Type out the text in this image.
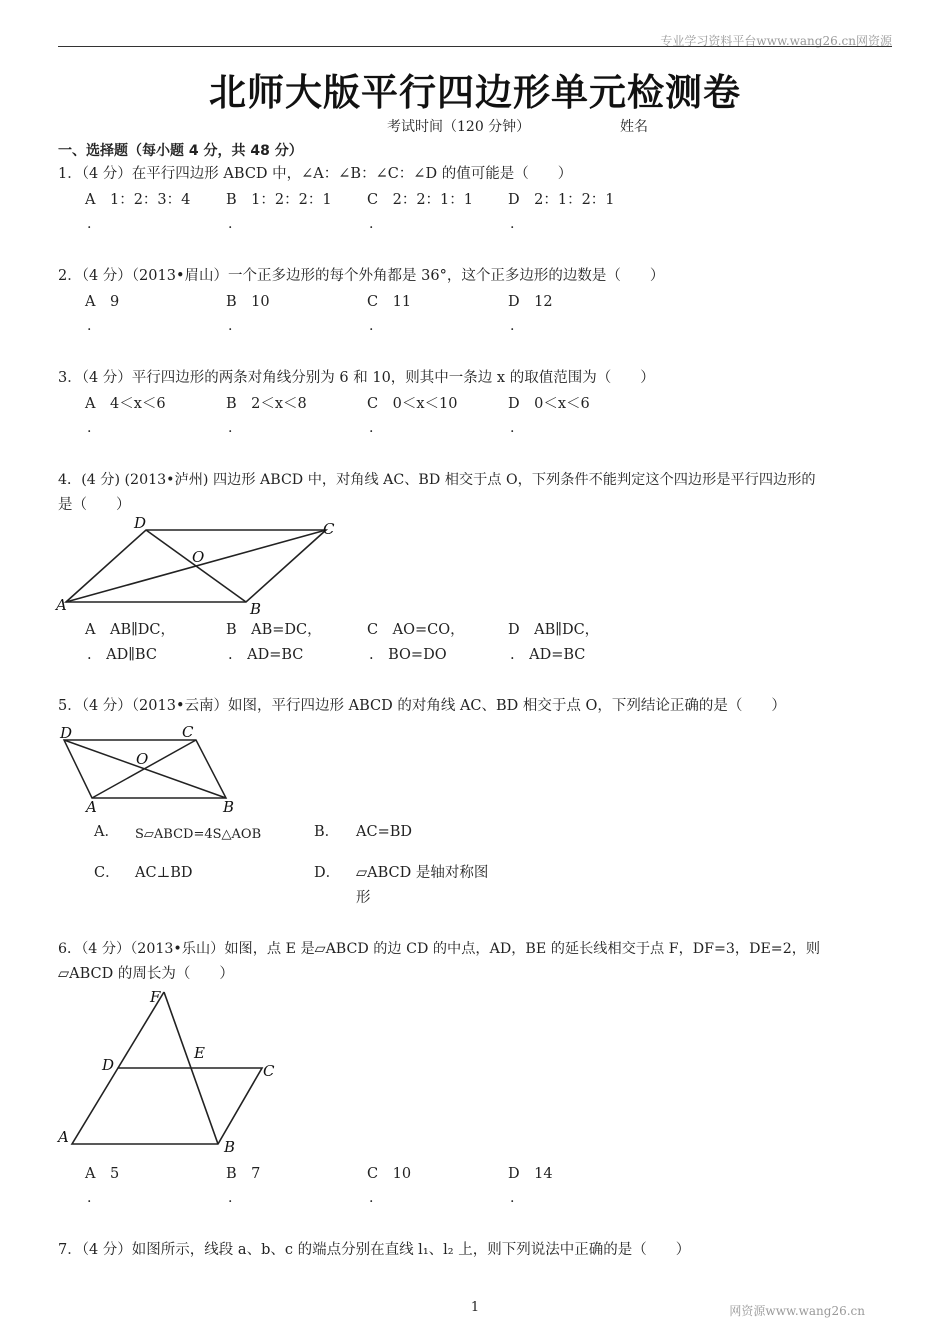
专业学习资料平台www.wang26.cn网资源
北师大版平行四边形单元检测卷
考试时间（120 分钟）	姓名
一、选择题（每小题 4 分，共 48 分）
1．（4 分）在平行四边形 ABCD 中，∠A：∠B：∠C：∠D 的值可能是（　　）
A　1：2：3：4 B　1：2：2：1 C　2：2：1：1 D　2：1：2：1
.	.	.	.
2．（4 分）（2013•眉山）一个正多边形的每个外角都是 36°，这个正多边形的边数是（　　）
A　9	B　10	C　11	D　12
.	.	.	.
3．（4 分）平行四边形的两条对角线分别为 6 和 10，则其中一条边 x 的取值范围为（　　）
A　4＜x＜6	B　2＜x＜8	C　0＜x＜10	D　0＜x＜6
.	.	.	.
4．(4 分) (2013•泸州) 四边形 ABCD 中，对角线 AC、BD 相交于点 O，下列条件不能判定这个四边形是平行四边形的
是（　　）
A	B
C
D
O
A　AB∥DC，	B　AB=DC，	C　AO=CO，	D　AB∥DC，
.　AD∥BC	.　AD=BC	.　BO=DO	.　AD=BC
5．（4 分）（2013•云南）如图，平行四边形 ABCD 的对角线 AC、BD 相交于点 O，下列结论正确的是（　　）
A	B
C
D
O
A． S▱ABCD=4S△AOB	B． AC=BD
C． AC⊥BD	D． ▱ABCD 是轴对称图
形
6．（4 分）（2013•乐山）如图，点 E 是▱ABCD 的边 CD 的中点，AD，BE 的延长线相交于点 F，DF=3，DE=2，则
▱ABCD 的周长为（　　）
A
B
C
D
E
F
A　5	B　7	C　10	D　14
.	.	.	.
7．（4 分）如图所示，线段 a、b、c 的端点分别在直线 l₁、l₂ 上，则下列说法中正确的是（　　）
1	网资源www.wang26.cn
